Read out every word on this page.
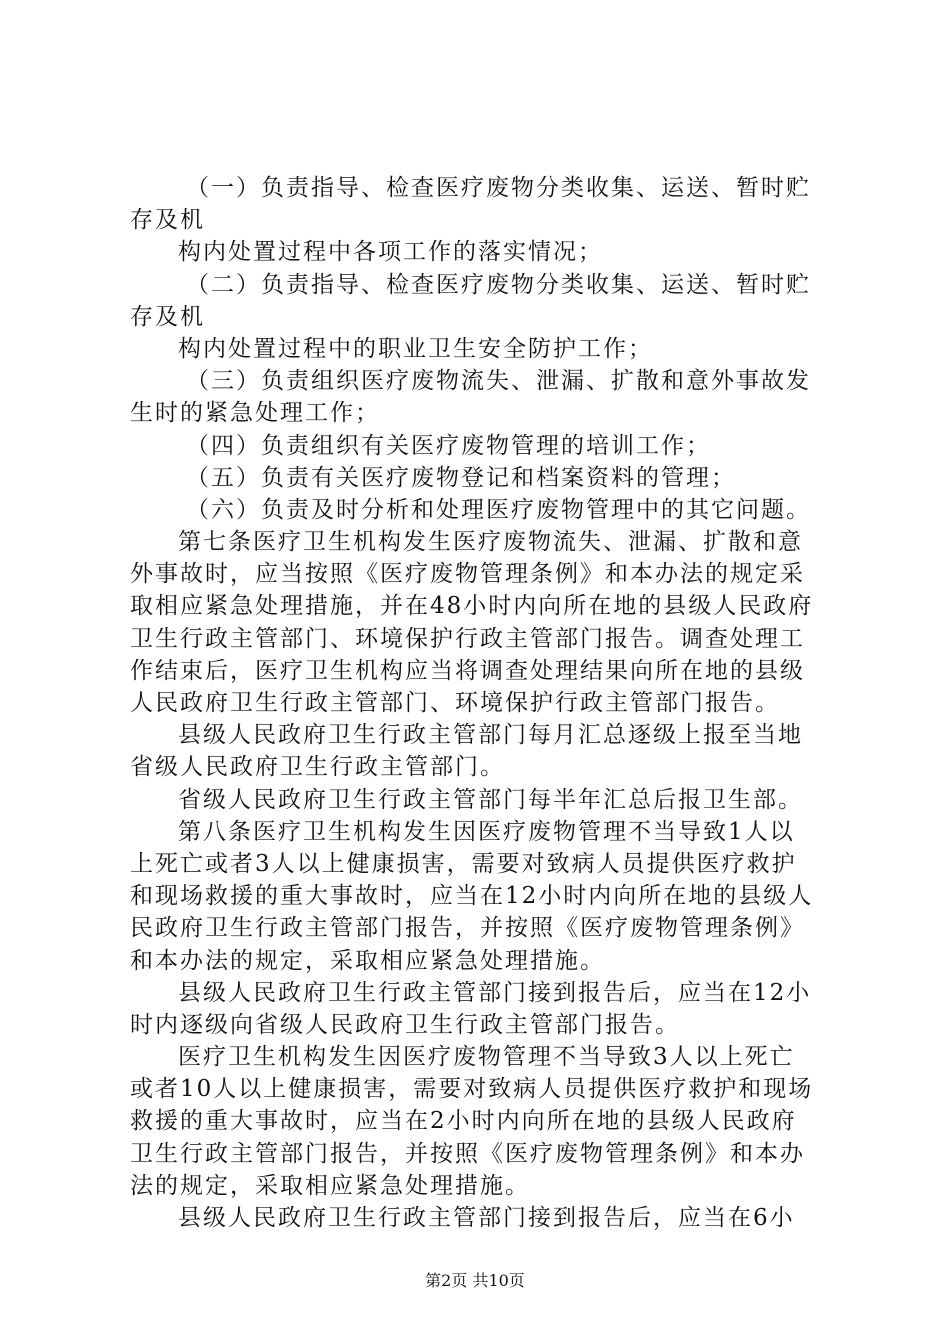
（一）负责指导、检查医疗废物分类收集、运送、暂时贮
存及机
构内处置过程中各项工作的落实情况；
（二）负责指导、检查医疗废物分类收集、运送、暂时贮
存及机
构内处置过程中的职业卫生安全防护工作；
（三）负责组织医疗废物流失、泄漏、扩散和意外事故发
生时的紧急处理工作；
（四）负责组织有关医疗废物管理的培训工作；
（五）负责有关医疗废物登记和档案资料的管理；
（六）负责及时分析和处理医疗废物管理中的其它问题。
第七条医疗卫生机构发生医疗废物流失、泄漏、扩散和意
外事故时，应当按照《医疗废物管理条例》和本办法的规定采
取相应紧急处理措施，并在48小时内向所在地的县级人民政府
卫生行政主管部门、环境保护行政主管部门报告。调查处理工
作结束后，医疗卫生机构应当将调查处理结果向所在地的县级
人民政府卫生行政主管部门、环境保护行政主管部门报告。
县级人民政府卫生行政主管部门每月汇总逐级上报至当地
省级人民政府卫生行政主管部门。
省级人民政府卫生行政主管部门每半年汇总后报卫生部。
第八条医疗卫生机构发生因医疗废物管理不当导致1人以
上死亡或者3人以上健康损害，需要对致病人员提供医疗救护
和现场救援的重大事故时，应当在12小时内向所在地的县级人
民政府卫生行政主管部门报告，并按照《医疗废物管理条例》
和本办法的规定，采取相应紧急处理措施。
县级人民政府卫生行政主管部门接到报告后，应当在12小
时内逐级向省级人民政府卫生行政主管部门报告。
医疗卫生机构发生因医疗废物管理不当导致3人以上死亡
或者10人以上健康损害，需要对致病人员提供医疗救护和现场
救援的重大事故时，应当在2小时内向所在地的县级人民政府
卫生行政主管部门报告，并按照《医疗废物管理条例》和本办
法的规定，采取相应紧急处理措施。
县级人民政府卫生行政主管部门接到报告后，应当在6小
第2页 共10页
